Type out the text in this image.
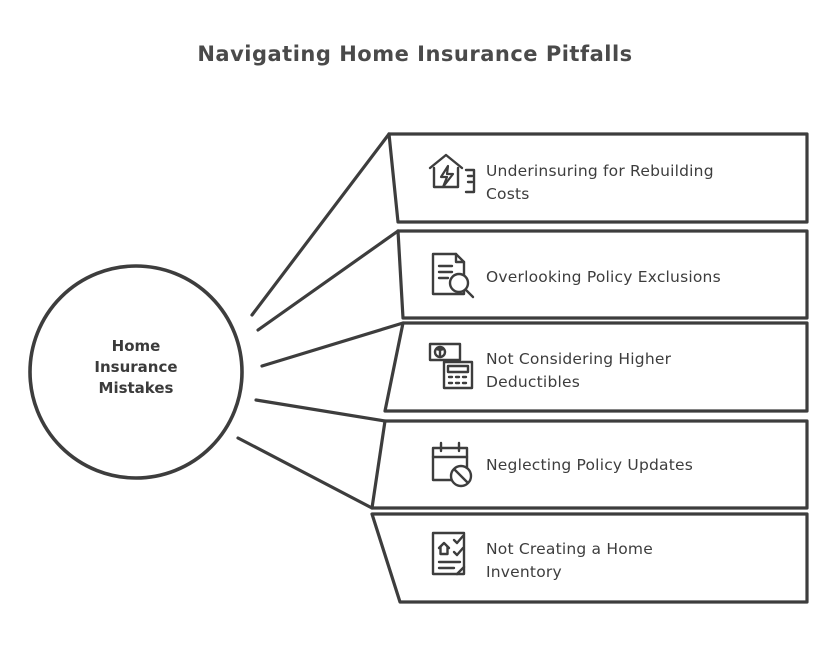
Navigating Home Insurance Pitfalls
Home
Insurance
Mistakes
Underinsuring for Rebuilding
Costs
Overlooking Policy Exclusions
Not Considering Higher
Deductibles
Neglecting Policy Updates
Not Creating a Home
Inventory
